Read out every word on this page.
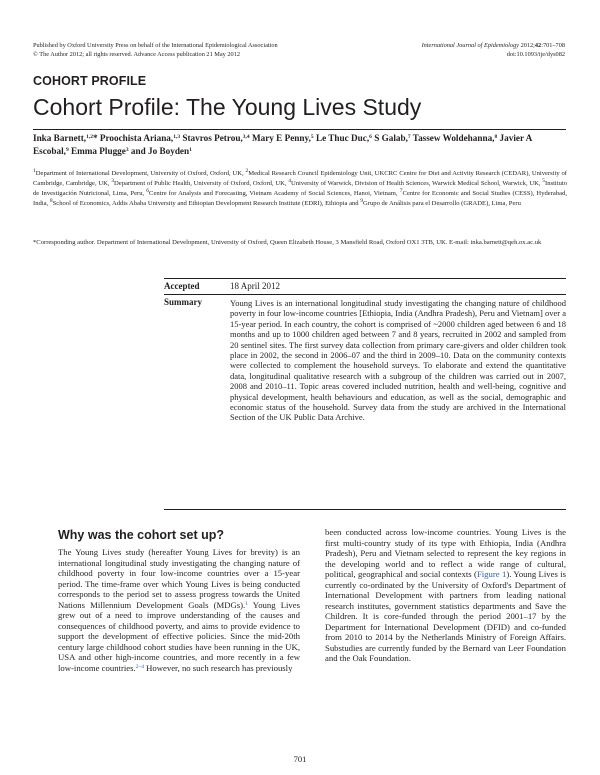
Published by Oxford University Press on behalf of the International Epidemiological Association
© The Author 2012; all rights reserved. Advance Access publication 21 May 2012
International Journal of Epidemiology 2012;42:701–708
doi:10.1093/ije/dys082
COHORT PROFILE
Cohort Profile: The Young Lives Study
Inka Barnett,$^{1,2}$* Proochista Ariana,$^{1,3}$ Stavros Petrou,$^{3,4}$ Mary E Penny,$^5$ Le Thuc Duc,$^6$ S Galab,$^7$ Tassew Woldehanna,$^8$ Javier A Escobal,$^9$ Emma Plugge$^3$ and Jo Boyden$^1$
$^1$Department of International Development, University of Oxford, Oxford, UK, $^2$Medical Research Council Epidemiology Unit, UKCRC Centre for Diet and Activity Research (CEDAR), University of Cambridge, Cambridge, UK, $^3$Department of Public Health, University of Oxford, Oxford, UK, $^4$University of Warwick, Division of Health Sciences, Warwick Medical School, Warwick, UK, $^5$Instituto de Investigación Nutricional, Lima, Peru, $^6$Centre for Analysis and Forecasting, Vietnam Academy of Social Sciences, Hanoi, Vietnam, $^7$Centre for Economic and Social Studies (CESS), Hyderabad, India, $^8$School of Economics, Addis Ababa University and Ethiopian Development Research Institute (EDRI), Ethiopia and $^9$Grupo de Análisis para el Desarrollo (GRADE), Lima, Peru
*Corresponding author. Department of International Development, University of Oxford, Queen Elizabeth House, 3 Mansfield Road, Oxford OX1 3TB, UK. E-mail: inka.barnett@qeh.ox.ac.uk
Accepted	18 April 2012
Summary	Young Lives is an international longitudinal study investigating the changing nature of childhood poverty in four low-income countries [Ethiopia, India (Andhra Pradesh), Peru and Vietnam] over a 15-year period. In each country, the cohort is comprised of ~2000 children aged between 6 and 18 months and up to 1000 children aged between 7 and 8 years, recruited in 2002 and sampled from 20 sentinel sites. The first survey data collection from primary care-givers and older children took place in 2002, the second in 2006–07 and the third in 2009–10. Data on the community contexts were collected to complement the household surveys. To elaborate and extend the quantitative data, longitudinal qualitative research with a subgroup of the children was carried out in 2007, 2008 and 2010–11. Topic areas covered included nutrition, health and well-being, cognitive and physical development, health behaviours and education, as well as the social, demographic and economic status of the household. Survey data from the study are archived in the International Section of the UK Public Data Archive.
Why was the cohort set up?
The Young Lives study (hereafter Young Lives for brevity) is an international longitudinal study investigating the changing nature of childhood poverty in four low-income countries over a 15-year period. The time-frame over which Young Lives is being conducted corresponds to the period set to assess progress towards the United Nations Millennium Development Goals (MDGs).$^1$ Young Lives grew out of a need to improve understanding of the causes and consequences of childhood poverty, and aims to provide evidence to support the development of effective policies. Since the mid-20th century large childhood cohort studies have been running in the UK, USA and other high-income countries, and more recently in a few low-income countries.$^{2-4}$ However, no such research has previously
been conducted across low-income countries. Young Lives is the first multi-country study of its type with Ethiopia, India (Andhra Pradesh), Peru and Vietnam selected to represent the key regions in the developing world and to reflect a wide range of cultural, political, geographical and social contexts (Figure 1). Young Lives is currently co-ordinated by the University of Oxford's Department of International Development with partners from leading national research institutes, government statistics departments and Save the Children. It is core-funded through the period 2001–17 by the Department for International Development (DFID) and co-funded from 2010 to 2014 by the Netherlands Ministry of Foreign Affairs. Substudies are currently funded by the Bernard van Leer Foundation and the Oak Foundation.
701
